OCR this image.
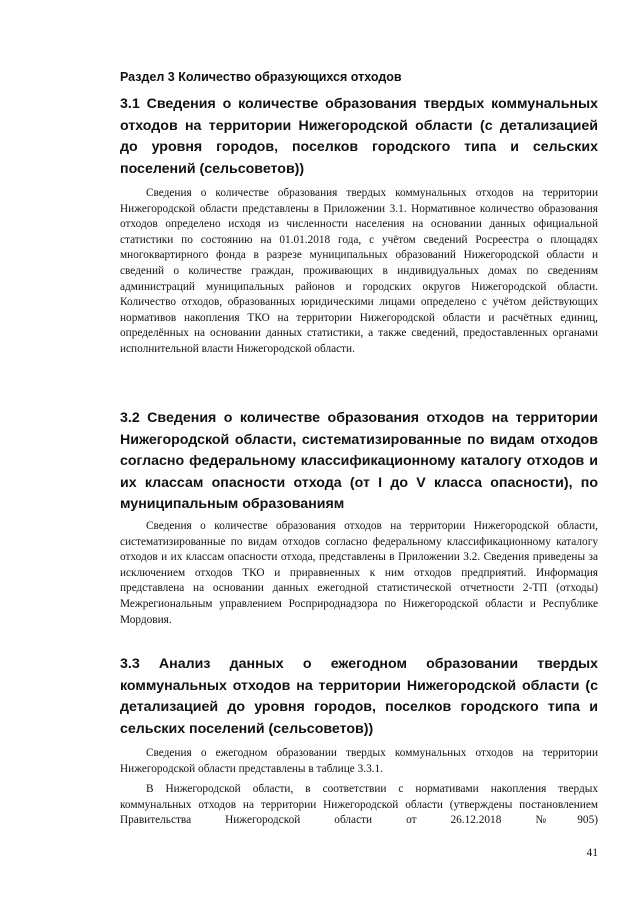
Раздел 3 Количество образующихся отходов
3.1 Сведения о количестве образования твердых коммунальных отходов на территории Нижегородской области (с детализацией до уровня городов, поселков городского типа и сельских поселений (сельсоветов))

Сведения о количестве образования твердых коммунальных отходов на территории Нижегородской области представлены в Приложении 3.1. Нормативное количество образования отходов определено исходя из численности населения на основании данных официальной статистики по состоянию на 01.01.2018 года, с учётом сведений Росреестра о площадях многоквартирного фонда в разрезе муниципальных образований Нижегородской области и сведений о количестве граждан, проживающих в индивидуальных домах по сведениям администраций муниципальных районов и городских округов Нижегородской области. Количество отходов, образованных юридическими лицами определено с учётом действующих нормативов накопления ТКО на территории Нижегородской области и расчётных единиц, определённых на основании данных статистики, а также сведений, предоставленных органами исполнительной власти Нижегородской области.

3.2 Сведения о количестве образования отходов на территории Нижегородской области, систематизированные по видам отходов согласно федеральному классификационному каталогу отходов и их классам опасности отхода (от I до V класса опасности), по муниципальным образованиям

Сведения о количестве образования отходов на территории Нижегородской области, систематизированные по видам отходов согласно федеральному классификационному каталогу отходов и их классам опасности отхода, представлены в Приложении 3.2. Сведения приведены за исключением отходов ТКО и приравненных к ним отходов предприятий. Информация представлена на основании данных ежегодной статистической отчетности 2-ТП (отходы) Межрегиональным управлением Росприроднадзора по Нижегородской области и Республике Мордовия.

3.3 Анализ данных о ежегодном образовании твердых коммунальных отходов на территории Нижегородской области (с детализацией до уровня городов, поселков городского типа и сельских поселений (сельсоветов))

Сведения о ежегодном образовании твердых коммунальных отходов на территории Нижегородской области представлены в таблице 3.3.1.

В Нижегородской области, в соответствии с нормативами накопления твердых коммунальных отходов на территории Нижегородской области (утверждены постановлением Правительства Нижегородской области от 26.12.2018 №905)

41
